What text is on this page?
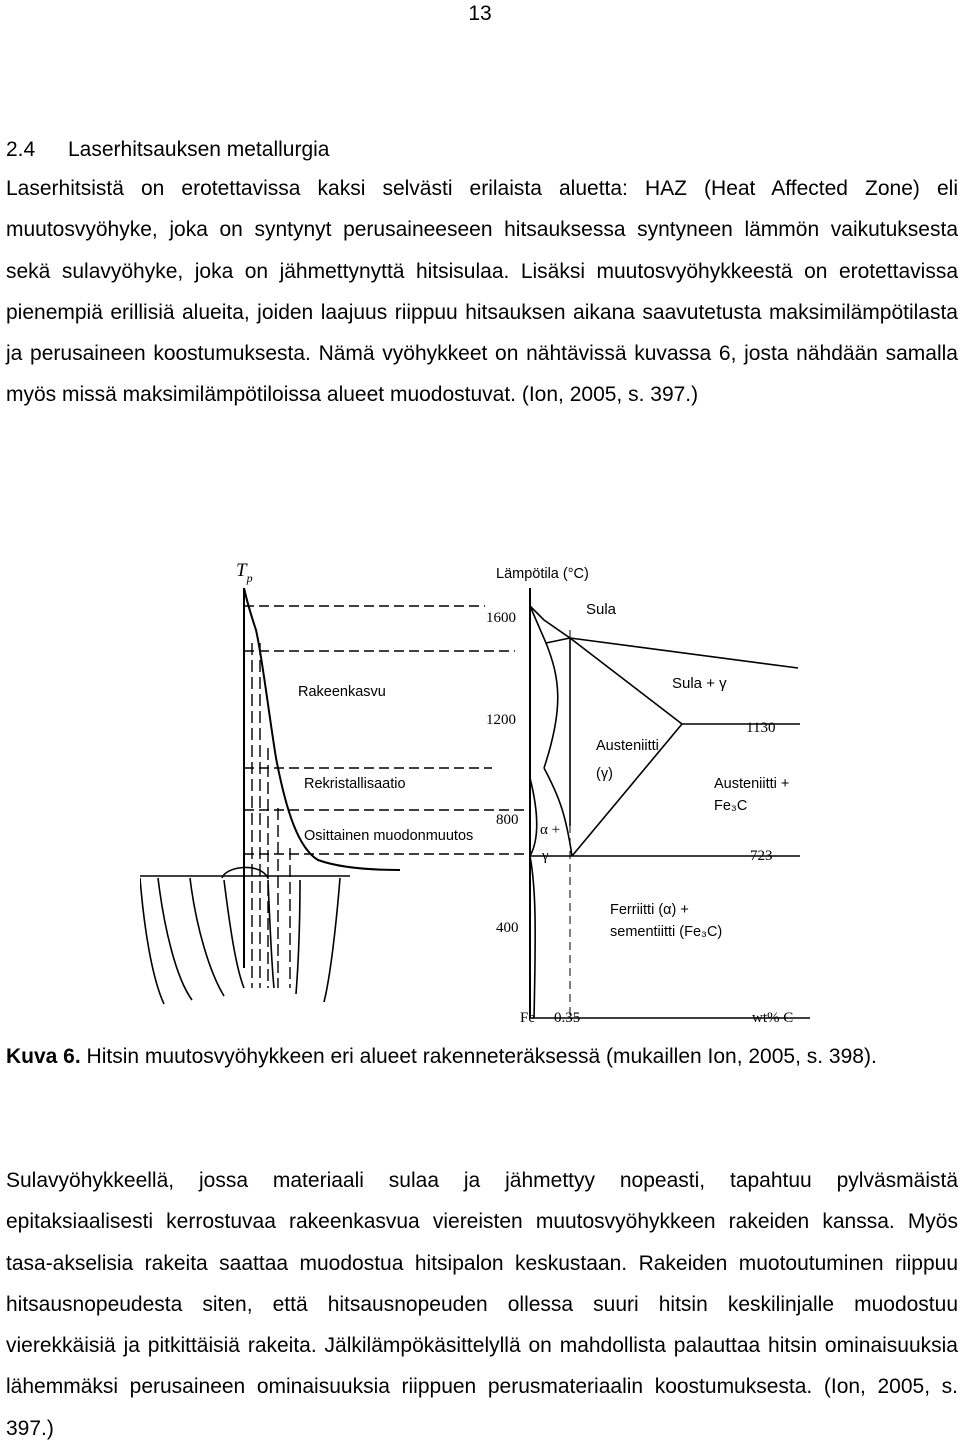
13
2.4 Laserhitsauksen metallurgia

Laserhitsistä on erotettavissa kaksi selvästi erilaista aluetta: HAZ (Heat Affected Zone) eli muutosvyöhyke, joka on syntynyt perusaineeseen hitsauksessa syntyneen lämmön vaikutuksesta sekä sulavyöhyke, joka on jähmettynyttä hitsisulaa. Lisäksi muutosvyöhykkeestä on erotettavissa pienempiä erillisiä alueita, joiden laajuus riippuu hitsauksen aikana saavutetusta maksimilämpötilasta ja perusaineen koostumuksesta. Nämä vyöhykkeet on nähtävissä kuvassa 6, josta nähdään samalla myös missä maksimilämpötiloissa alueet muodostuvat. (Ion, 2005, s. 397.)

$T_p$
Rakeenkasvu
Rekristallisaatio
Osittainen muodonmuutos
Lämpötila (°C)
1600
1200
800
400
Sula
Sula + γ
1130
Austeniitti
(γ)
Austeniitti +
Fe₃C
α +
γ	723
Ferriitti (α) +
sementiitti (Fe₃C)
Fe 0.35	wt% C
Kuva 6. Hitsin muutosvyöhykkeen eri alueet rakenneteräksessä (mukaillen Ion, 2005, s. 398).

Sulavyöhykkeellä, jossa materiaali sulaa ja jähmettyy nopeasti, tapahtuu pylväsmäistä epitaksiaalisesti kerrostuvaa rakeenkasvua viereisten muutosvyöhykkeen rakeiden kanssa. Myös tasa-akselisia rakeita saattaa muodostua hitsipalon keskustaan. Rakeiden muotoutuminen riippuu hitsausnopeudesta siten, että hitsausnopeuden ollessa suuri hitsin keskilinjalle muodostuu vierekkäisiä ja pitkittäisiä rakeita. Jälkilämpökäsittelyllä on mahdollista palauttaa hitsin ominaisuuksia lähemmäksi perusaineen ominaisuuksia riippuen perusmateriaalin koostumuksesta. (Ion, 2005, s. 397.)
